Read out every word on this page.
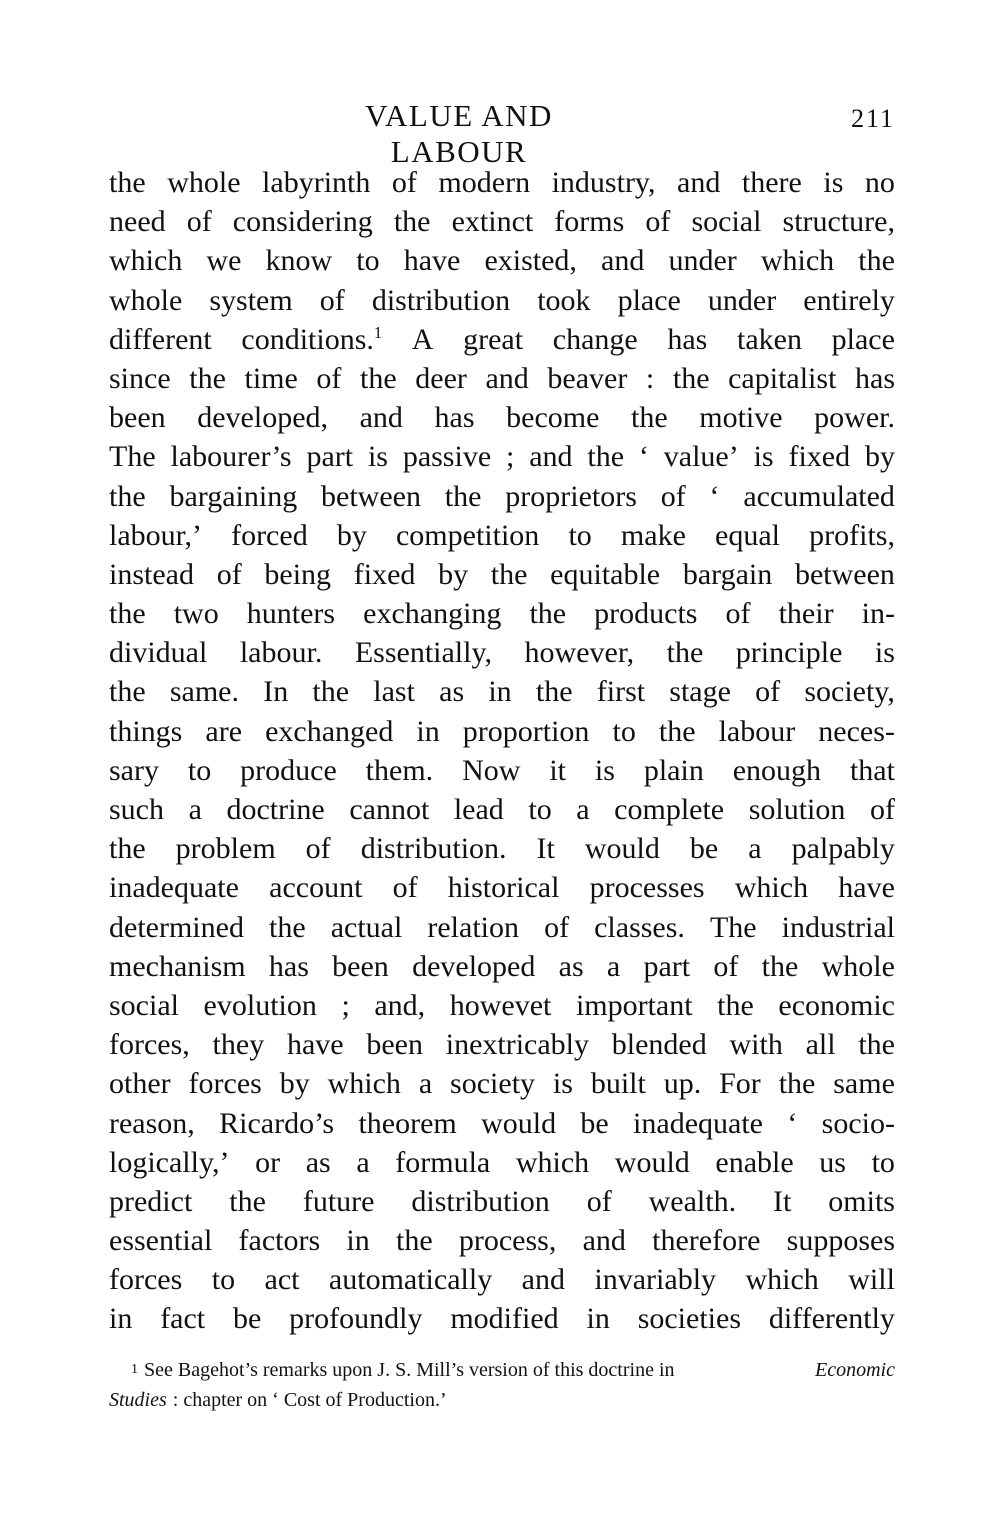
VALUE AND LABOUR
211
the whole labyrinth of modern industry, and there is no
need of considering the extinct forms of social structure,
which we know to have existed, and under which the
whole system of distribution took place under entirely
different conditions.$^1$ A great change has taken place
since the time of the deer and beaver : the capitalist has
been developed, and has become the motive power.
The labourer’s part is passive ; and the ‘ value’ is fixed by
the bargaining between the proprietors of ‘ accumulated
labour,’ forced by competition to make equal profits,
instead of being fixed by the equitable bargain between
the two hunters exchanging the products of their in-
dividual labour. Essentially, however, the principle is
the same. In the last as in the first stage of society,
things are exchanged in proportion to the labour neces-
sary to produce them. Now it is plain enough that
such a doctrine cannot lead to a complete solution of
the problem of distribution. It would be a palpably
inadequate account of historical processes which have
determined the actual relation of classes. The industrial
mechanism has been developed as a part of the whole
social evolution ; and, howevet important the economic
forces, they have been inextricably blended with all the
other forces by which a society is built up. For the same
reason, Ricardo’s theorem would be inadequate ‘ socio-
logically,’ or as a formula which would enable us to
predict the future distribution of wealth. It omits
essential factors in the process, and therefore supposes
forces to act automatically and invariably which will
in fact be profoundly modified in societies differently
1 See Bagehot’s remarks upon J. S. Mill’s version of this doctrine in	Economic
Studies : chapter on ‘ Cost of Production.’
